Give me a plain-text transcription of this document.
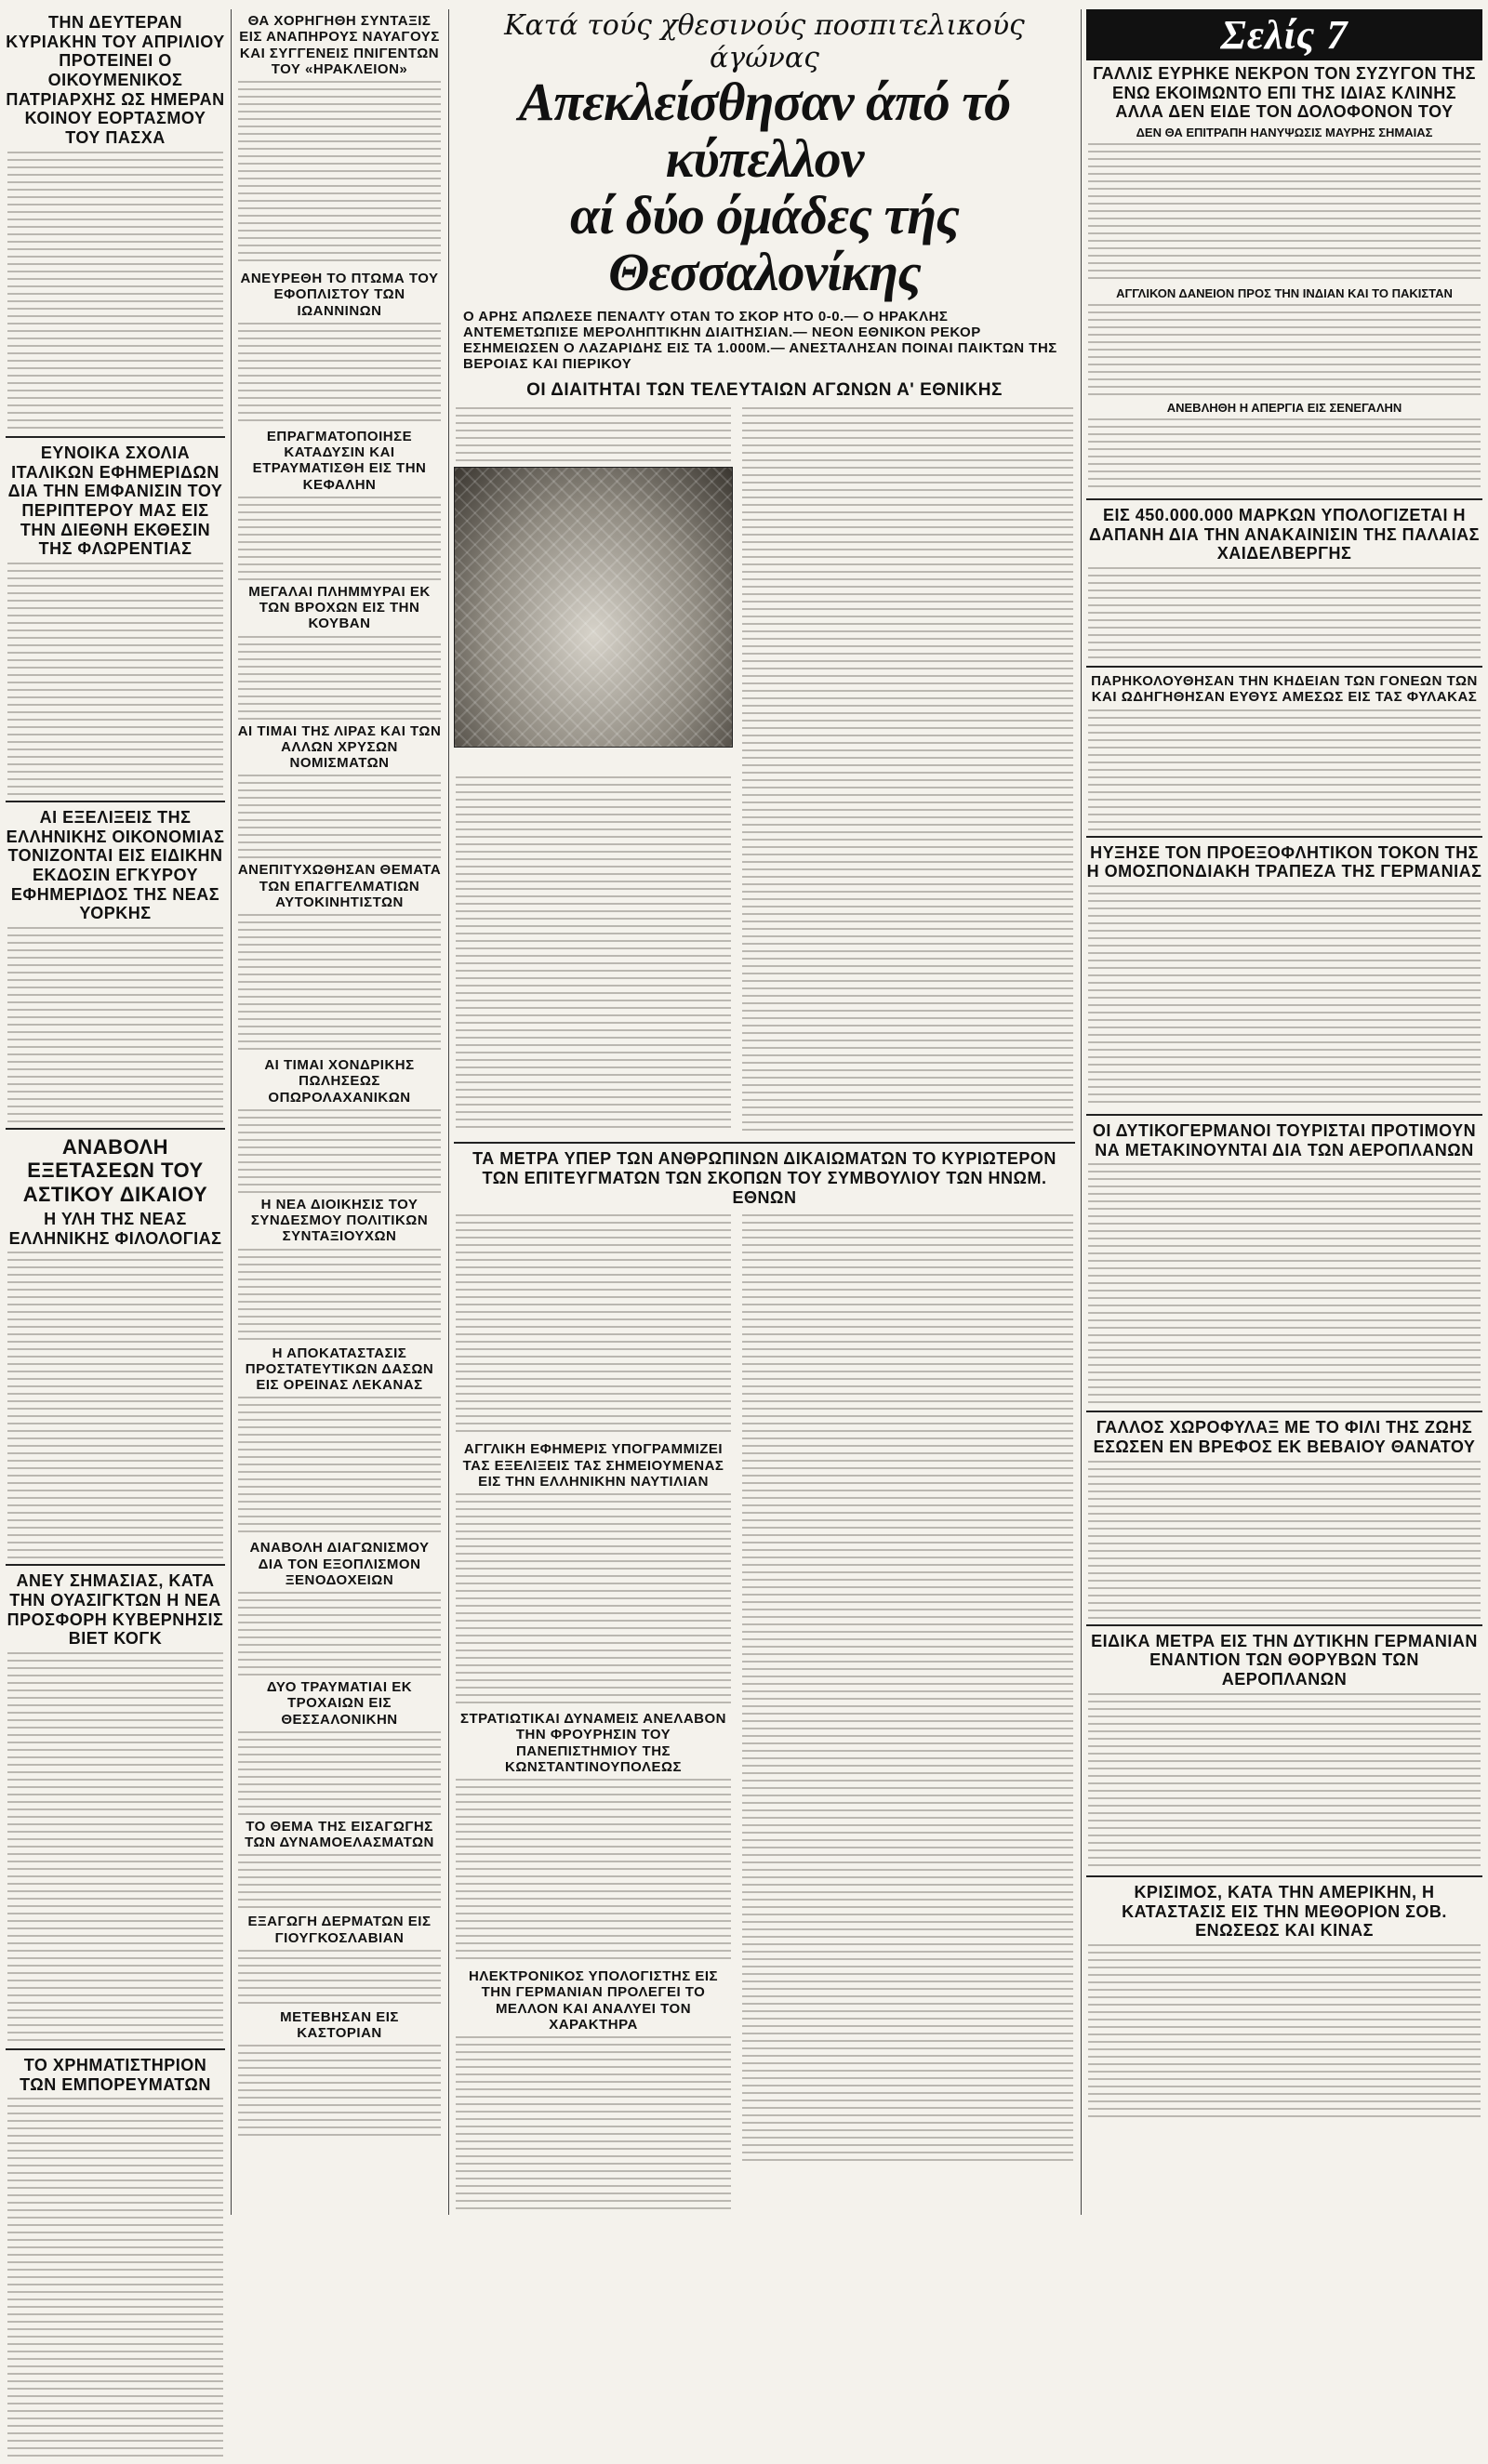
ΤΗΝ ΔΕΥΤΕΡΑΝ ΚΥΡΙΑΚΗΝ ΤΟΥ ΑΠΡΙΛΙΟΥ ΠΡΟΤΕΙΝΕΙ Ο ΟΙΚΟΥΜΕΝΙΚΟΣ ΠΑΤΡΙΑΡΧΗΣ ΩΣ ΗΜΕΡΑΝ ΚΟΙΝΟΥ ΕΟΡΤΑΣΜΟΥ ΤΟΥ ΠΑΣΧΑ
ΕΥΝΟΙΚΑ ΣΧΟΛΙΑ ΙΤΑΛΙΚΩΝ ΕΦΗΜΕΡΙΔΩΝ ΔΙΑ ΤΗΝ ΕΜΦΑΝΙΣΙΝ ΤΟΥ ΠΕΡΙΠΤΕΡΟΥ ΜΑΣ ΕΙΣ ΤΗΝ ΔΙΕΘΝΗ ΕΚΘΕΣΙΝ ΤΗΣ ΦΛΩΡΕΝΤΙΑΣ
ΑΙ ΕΞΕΛΙΞΕΙΣ ΤΗΣ ΕΛΛΗΝΙΚΗΣ ΟΙΚΟΝΟΜΙΑΣ ΤΟΝΙΖΟΝΤΑΙ ΕΙΣ ΕΙΔΙΚΗΝ ΕΚΔΟΣΙΝ ΕΓΚΥΡΟΥ ΕΦΗΜΕΡΙΔΟΣ ΤΗΣ ΝΕΑΣ ΥΟΡΚΗΣ
ΑΝΑΒΟΛΗ ΕΞΕΤΑΣΕΩΝ ΤΟΥ ΑΣΤΙΚΟΥ ΔΙΚΑΙΟΥ
Η ΥΛΗ ΤΗΣ ΝΕΑΣ ΕΛΛΗΝΙΚΗΣ ΦΙΛΟΛΟΓΙΑΣ
ΑΝΕΥ ΣΗΜΑΣΙΑΣ, ΚΑΤΑ ΤΗΝ ΟΥΑΣΙΓΚΤΩΝ Η ΝΕΑ ΠΡΟΣΦΟΡΗ ΚΥΒΕΡΝΗΣΙΣ ΒΙΕΤ ΚΟΓΚ
ΤΟ ΧΡΗΜΑΤΙΣΤΗΡΙΟΝ ΤΩΝ ΕΜΠΟΡΕΥΜΑΤΩΝ
ΘΑ ΧΟΡΗΓΗΘΗ ΣΥΝΤΑΞΙΣ ΕΙΣ ΑΝΑΠΗΡΟΥΣ ΝΑΥΑΓΟΥΣ ΚΑΙ ΣΥΓΓΕΝΕΙΣ ΠΝΙΓΕΝΤΩΝ ΤΟΥ «ΗΡΑΚΛΕΙΟΝ»
ΑΝΕΥΡΕΘΗ ΤΟ ΠΤΩΜΑ ΤΟΥ ΕΦΟΠΛΙΣΤΟΥ ΤΩΝ ΙΩΑΝΝΙΝΩΝ
ΕΠΡΑΓΜΑΤΟΠΟΙΗΣΕ ΚΑΤΑΔΥΣΙΝ ΚΑΙ ΕΤΡΑΥΜΑΤΙΣΘΗ ΕΙΣ ΤΗΝ ΚΕΦΑΛΗΝ
ΜΕΓΑΛΑΙ ΠΛΗΜΜΥΡΑΙ ΕΚ ΤΩΝ ΒΡΟΧΩΝ ΕΙΣ ΤΗΝ ΚΟΥΒΑΝ
ΑΙ ΤΙΜΑΙ ΤΗΣ ΛΙΡΑΣ ΚΑΙ ΤΩΝ ΑΛΛΩΝ ΧΡΥΣΩΝ ΝΟΜΙΣΜΑΤΩΝ
ΑΝΕΠΙΤΥΧΩΘΗΣΑΝ ΘΕΜΑΤΑ ΤΩΝ ΕΠΑΓΓΕΛΜΑΤΙΩΝ ΑΥΤΟΚΙΝΗΤΙΣΤΩΝ
ΑΙ ΤΙΜΑΙ ΧΟΝΔΡΙΚΗΣ ΠΩΛΗΣΕΩΣ ΟΠΩΡΟΛΑΧΑΝΙΚΩΝ
Η ΝΕΑ ΔΙΟΙΚΗΣΙΣ ΤΟΥ ΣΥΝΔΕΣΜΟΥ ΠΟΛΙΤΙΚΩΝ ΣΥΝΤΑΞΙΟΥΧΩΝ
Η ΑΠΟΚΑΤΑΣΤΑΣΙΣ ΠΡΟΣΤΑΤΕΥΤΙΚΩΝ ΔΑΣΩΝ ΕΙΣ ΟΡΕΙΝΑΣ ΛΕΚΑΝΑΣ
ΑΝΑΒΟΛΗ ΔΙΑΓΩΝΙΣΜΟΥ ΔΙΑ ΤΟΝ ΕΞΟΠΛΙΣΜΟΝ ΞΕΝΟΔΟΧΕΙΩΝ
ΔΥΟ ΤΡΑΥΜΑΤΙΑΙ ΕΚ ΤΡΟΧΑΙΩΝ ΕΙΣ ΘΕΣΣΑΛΟΝΙΚΗΝ
ΤΟ ΘΕΜΑ ΤΗΣ ΕΙΣΑΓΩΓΗΣ ΤΩΝ ΔΥΝΑΜΟΕΛΑΣΜΑΤΩΝ
ΕΞΑΓΩΓΗ ΔΕΡΜΑΤΩΝ ΕΙΣ ΓΙΟΥΓΚΟΣΛΑΒΙΑΝ
ΜΕΤΕΒΗΣΑΝ ΕΙΣ ΚΑΣΤΟΡΙΑΝ
Κατά τούς χθεσινούς ποσπιτελικούς άγώνας
Απεκλείσθησαν άπό τό κύπελλον
αί δύο όμάδες τής Θεσσαλονίκης
Ο ΑΡΗΣ ΑΠΩΛΕΣΕ ΠΕΝΑΛΤΥ ΟΤΑΝ ΤΟ ΣΚΟΡ ΗΤΟ 0-0.— Ο ΗΡΑΚΛΗΣ ΑΝΤΕΜΕΤΩΠΙΣΕ ΜΕΡΟΛΗΠΤΙΚΗΝ ΔΙΑΙΤΗΣΙΑΝ.— ΝΕΟΝ ΕΘΝΙΚΟΝ ΡΕΚΟΡ ΕΣΗΜΕΙΩΣΕΝ Ο ΛΑΖΑΡΙΔΗΣ ΕΙΣ ΤΑ 1.000Μ.— ΑΝΕΣΤΑΛΗΣΑΝ ΠΟΙΝΑΙ ΠΑΙΚΤΩΝ ΤΗΣ ΒΕΡΟΙΑΣ ΚΑΙ ΠΙΕΡΙΚΟΥ
ΟΙ ΔΙΑΙΤΗΤΑΙ ΤΩΝ ΤΕΛΕΥΤΑΙΩΝ ΑΓΩΝΩΝ Α' ΕΘΝΙΚΗΣ
ΤΑ ΜΕΤΡΑ ΥΠΕΡ ΤΩΝ ΑΝΘΡΩΠΙΝΩΝ ΔΙΚΑΙΩΜΑΤΩΝ ΤΟ ΚΥΡΙΩΤΕΡΟΝ ΤΩΝ ΕΠΙΤΕΥΓΜΑΤΩΝ ΤΩΝ ΣΚΟΠΩΝ ΤΟΥ ΣΥΜΒΟΥΛΙΟΥ ΤΩΝ ΗΝΩΜ. ΕΘΝΩΝ
ΑΓΓΛΙΚΗ ΕΦΗΜΕΡΙΣ ΥΠΟΓΡΑΜΜΙΖΕΙ ΤΑΣ ΕΞΕΛΙΞΕΙΣ ΤΑΣ ΣΗΜΕΙΟΥΜΕΝΑΣ ΕΙΣ ΤΗΝ ΕΛΛΗΝΙΚΗΝ ΝΑΥΤΙΛΙΑΝ
ΣΤΡΑΤΙΩΤΙΚΑΙ ΔΥΝΑΜΕΙΣ ΑΝΕΛΑΒΟΝ ΤΗΝ ΦΡΟΥΡΗΣΙΝ ΤΟΥ ΠΑΝΕΠΙΣΤΗΜΙΟΥ ΤΗΣ ΚΩΝΣΤΑΝΤΙΝΟΥΠΟΛΕΩΣ
ΗΛΕΚΤΡΟΝΙΚΟΣ ΥΠΟΛΟΓΙΣΤΗΣ ΕΙΣ ΤΗΝ ΓΕΡΜΑΝΙΑΝ ΠΡΟΛΕΓΕΙ ΤΟ ΜΕΛΛΟΝ ΚΑΙ ΑΝΑΛΥΕΙ ΤΟΝ ΧΑΡΑΚΤΗΡΑ
Σελίς 7
ΓΑΛΛΙΣ ΕΥΡΗΚΕ ΝΕΚΡΟΝ ΤΟΝ ΣΥΖΥΓΟΝ ΤΗΣ ΕΝΩ ΕΚΟΙΜΩΝΤΟ ΕΠΙ ΤΗΣ ΙΔΙΑΣ ΚΛΙΝΗΣ ΑΛΛΑ ΔΕΝ ΕΙΔΕ ΤΟΝ ΔΟΛΟΦΟΝΟΝ ΤΟΥ
ΔΕΝ ΘΑ ΕΠΙΤΡΑΠΗ ΗΑΝΥΨΩΣΙΣ ΜΑΥΡΗΣ ΣΗΜΑΙΑΣ
ΑΓΓΛΙΚΟΝ ΔΑΝΕΙΟΝ ΠΡΟΣ ΤΗΝ ΙΝΔΙΑΝ ΚΑΙ ΤΟ ΠΑΚΙΣΤΑΝ
ΑΝΕΒΛΗΘΗ Η ΑΠΕΡΓΙΑ ΕΙΣ ΣΕΝΕΓΑΛΗΝ
ΕΙΣ 450.000.000 ΜΑΡΚΩΝ ΥΠΟΛΟΓΙΖΕΤΑΙ Η ΔΑΠΑΝΗ ΔΙΑ ΤΗΝ ΑΝΑΚΑΙΝΙΣΙΝ ΤΗΣ ΠΑΛΑΙΑΣ ΧΑΙΔΕΛΒΕΡΓΗΣ
ΠΑΡΗΚΟΛΟΥΘΗΣΑΝ ΤΗΝ ΚΗΔΕΙΑΝ ΤΩΝ ΓΟΝΕΩΝ ΤΩΝ ΚΑΙ ΩΔΗΓΗΘΗΣΑΝ ΕΥΘΥΣ ΑΜΕΣΩΣ ΕΙΣ ΤΑΣ ΦΥΛΑΚΑΣ
ΗΥΞΗΣΕ ΤΟΝ ΠΡΟΕΞΟΦΛΗΤΙΚΟΝ ΤΟΚΟΝ ΤΗΣ Η ΟΜΟΣΠΟΝΔΙΑΚΗ ΤΡΑΠΕΖΑ ΤΗΣ ΓΕΡΜΑΝΙΑΣ
ΟΙ ΔΥΤΙΚΟΓΕΡΜΑΝΟΙ ΤΟΥΡΙΣΤΑΙ ΠΡΟΤΙΜΟΥΝ ΝΑ ΜΕΤΑΚΙΝΟΥΝΤΑΙ ΔΙΑ ΤΩΝ ΑΕΡΟΠΛΑΝΩΝ
ΓΑΛΛΟΣ ΧΩΡΟΦΥΛΑΞ ΜΕ ΤΟ ΦΙΛΙ ΤΗΣ ΖΩΗΣ ΕΣΩΣΕΝ ΕΝ ΒΡΕΦΟΣ ΕΚ ΒΕΒΑΙΟΥ ΘΑΝΑΤΟΥ
ΕΙΔΙΚΑ ΜΕΤΡΑ ΕΙΣ ΤΗΝ ΔΥΤΙΚΗΝ ΓΕΡΜΑΝΙΑΝ ΕΝΑΝΤΙΟΝ ΤΩΝ ΘΟΡΥΒΩΝ ΤΩΝ ΑΕΡΟΠΛΑΝΩΝ
ΚΡΙΣΙΜΟΣ, ΚΑΤΑ ΤΗΝ ΑΜΕΡΙΚΗΝ, Η ΚΑΤΑΣΤΑΣΙΣ ΕΙΣ ΤΗΝ ΜΕΘΟΡΙΟΝ ΣΟΒ. ΕΝΩΣΕΩΣ ΚΑΙ ΚΙΝΑΣ
